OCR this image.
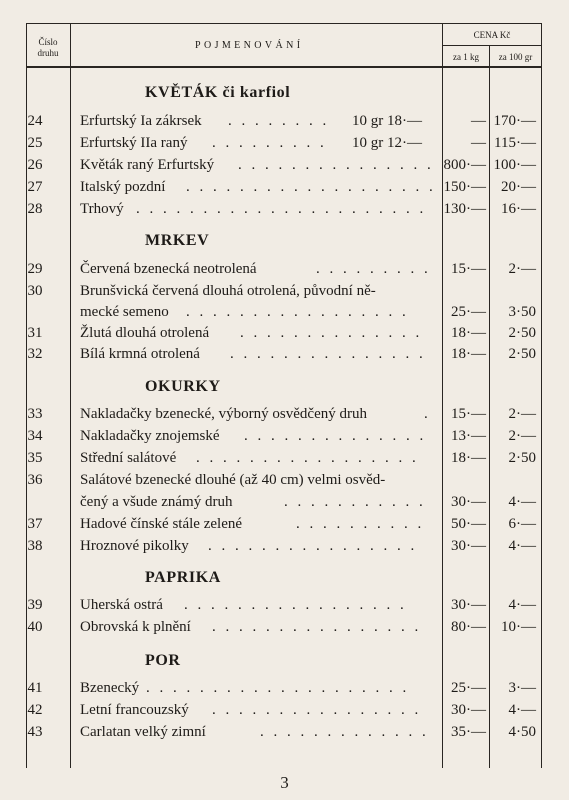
Číslo druhu
POJMENOVÁNÍ
CENA Kč
za 1 kg	za 100 gr
KVĚTÁK či karfiol
24	Erfurtský Ia zákrsek . . . . . . . .	10 gr 18·—	— 170·—
25	Erfurtský IIa raný . . . . . . . . .	10 gr 12·—	— 115·—
26	Květák raný Erfurtský . . . . . . . . . . . . . . . 800·— 100·—
27	Italský pozdní . . . . . . . . . . . . . . . . . . . 150·—	20·—
28	Trhový . . . . . . . . . . . . . . . . . . . . . .	130·—	16·—
MRKEV
29	Červená bzenecká neotrolená	. . . . . . . . .	15·—	2·—
30	Brunšvická červená dlouhá otrolená, původní ně-
mecké semeno . . . . . . . . . . . . . . . . .	25·—	3·50
31	Žlutá dlouhá otrolená . . . . . . . . . . . . . .	18·—	2·50
32	Bílá krmná otrolená . . . . . . . . . . . . . . .	18·—	2·50
OKURKY
33	Nakladačky bzenecké, výborný osvědčený druh	.	15·—	2·—
34	Nakladačky znojemské . . . . . . . . . . . . . .	13·—	2·—
35	Střední salátové . . . . . . . . . . . . . . . . .	18·—	2·50
36	Salátové bzenecké dlouhé (až 40 cm) velmi osvěd-
čený a všude známý druh	. . . . . . . . . . .	30·—	4·—
37	Hadové čínské stále zelené	. . . . . . . . . .	50·—	6·—
38	Hroznové pikolky . . . . . . . . . . . . . . . .	30·—	4·—
PAPRIKA
39	Uherská ostrá . . . . . . . . . . . . . . . . .	30·—	4·—
40	Obrovská k plnění . . . . . . . . . . . . . . . .	80·—	10·—
POR
41	Bzenecký . . . . . . . . . . . . . . . . . . . .	25·—	3·—
42	Letní francouzský . . . . . . . . . . . . . . . .	30·—	4·—
43	Carlatan velký zimní	. . . . . . . . . . . . .	35·—	4·50
3
